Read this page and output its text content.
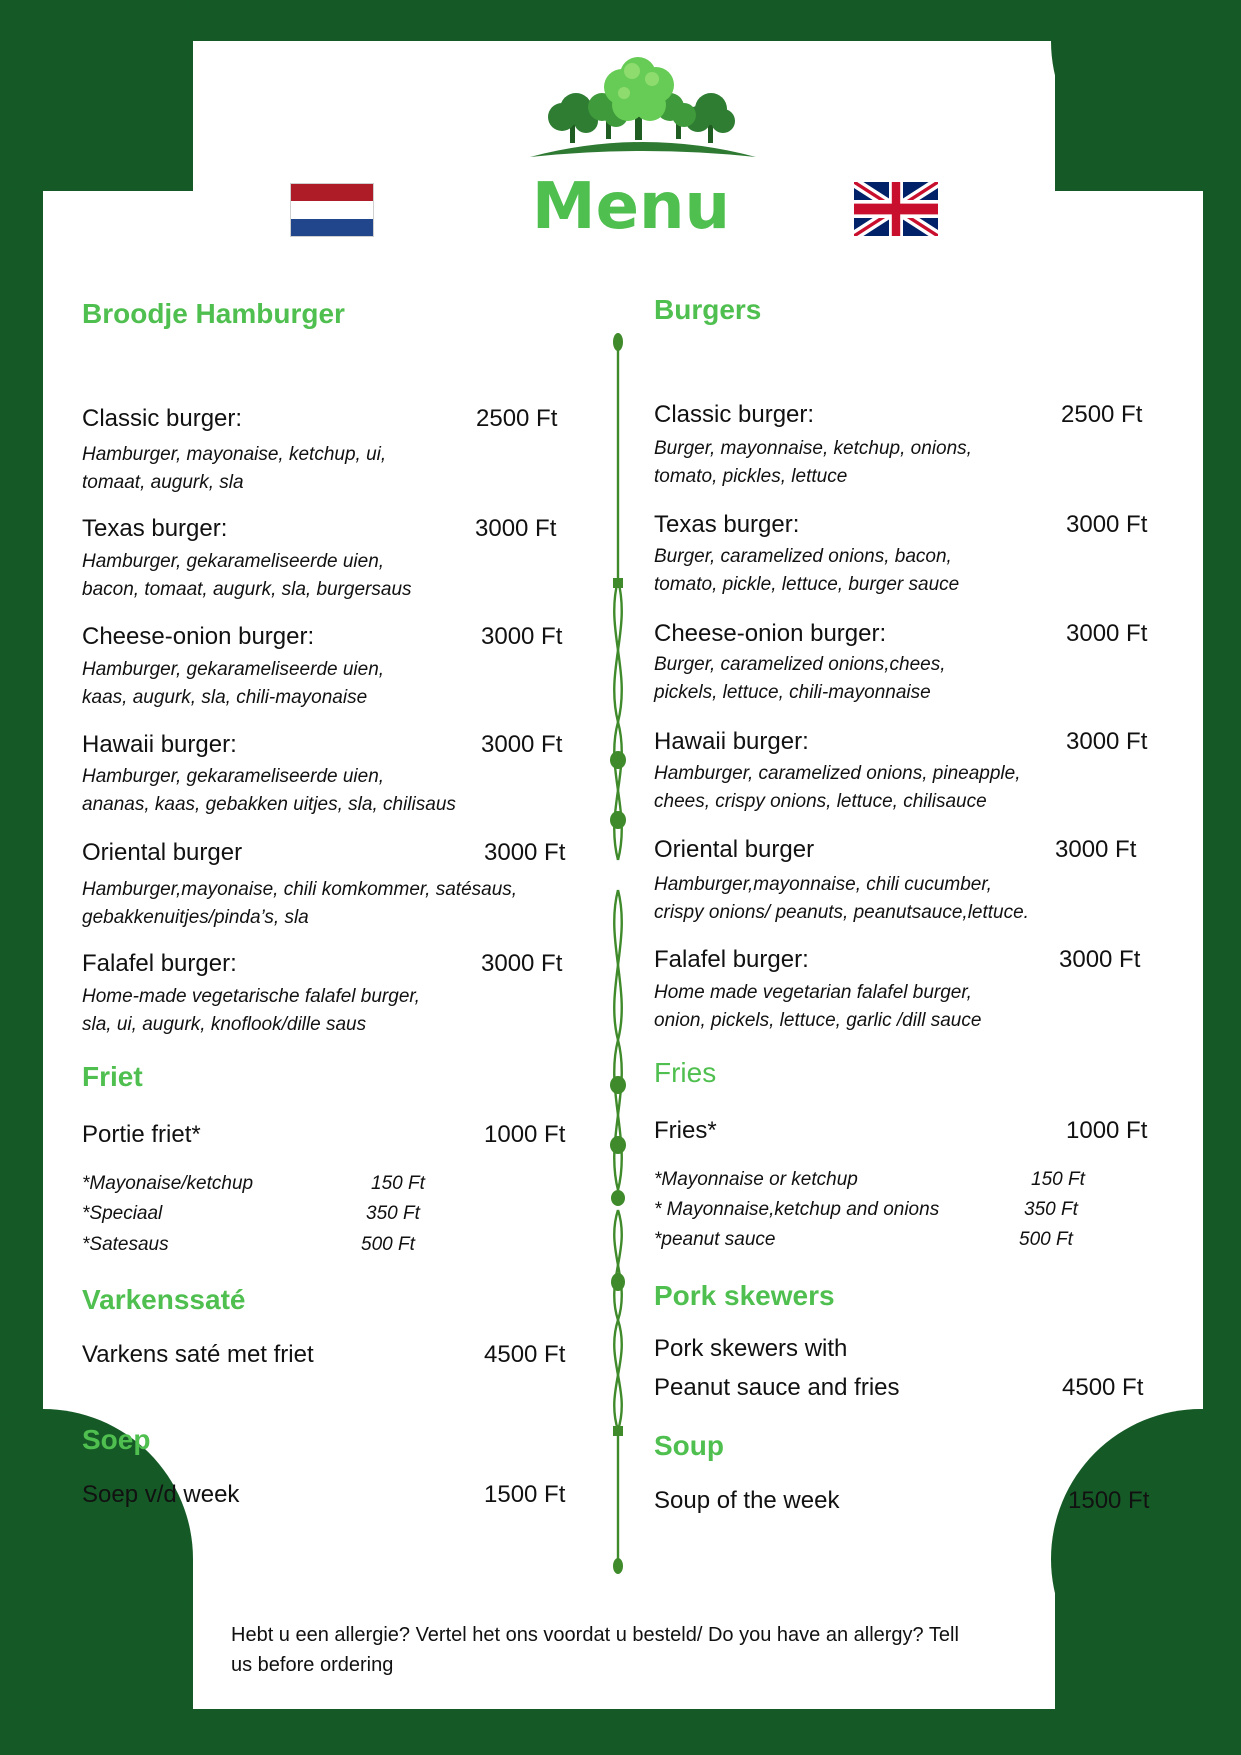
Menu
Broodje Hamburger
Classic burger:	2500 Ft
Hamburger, mayonaise, ketchup, ui,
tomaat, augurk, sla
Texas burger:	3000 Ft
Hamburger, gekarameliseerde uien,
bacon, tomaat, augurk, sla, burgersaus
Cheese-onion burger:	3000 Ft
Hamburger, gekarameliseerde uien,
kaas, augurk, sla, chili-mayonaise
Hawaii burger:	3000 Ft
Hamburger, gekarameliseerde uien,
ananas, kaas, gebakken uitjes, sla, chilisaus
Oriental burger	3000 Ft
Hamburger,mayonaise, chili komkommer, satésaus,
gebakkenuitjes/pinda’s, sla
Falafel burger:	3000 Ft
Home-made vegetarische falafel burger,
sla, ui, augurk, knoflook/dille saus
Friet
Portie friet*	1000 Ft
*Mayonaise/ketchup	150 Ft
*Speciaal	350 Ft
*Satesaus	500 Ft
Varkenssaté
Varkens saté met friet	4500 Ft
Soep
Soep v/d week	1500 Ft
Burgers
Classic burger:	2500 Ft
Burger, mayonnaise, ketchup, onions,
tomato, pickles, lettuce
Texas burger:	3000 Ft
Burger, caramelized onions, bacon,
tomato, pickle, lettuce, burger sauce
Cheese-onion burger:	3000 Ft
Burger, caramelized onions,chees,
pickels, lettuce, chili-mayonnaise
Hawaii burger:	3000 Ft
Hamburger, caramelized onions, pineapple,
chees, crispy onions, lettuce, chilisauce
Oriental burger	3000 Ft
Hamburger,mayonnaise, chili cucumber,
crispy onions/ peanuts, peanutsauce,lettuce.
Falafel burger:	3000 Ft
Home made vegetarian falafel burger,
onion, pickels, lettuce, garlic /dill sauce
Fries
Fries*	1000 Ft
*Mayonnaise or ketchup	150 Ft
* Mayonnaise,ketchup and onions	350 Ft
*peanut sauce	500 Ft
Pork skewers
Pork skewers with
Peanut sauce and fries	4500 Ft
Soup
Soup of the week	1500 Ft
Hebt u een allergie? Vertel het ons voordat u besteld/ Do you have an allergy? Tell
us before ordering
